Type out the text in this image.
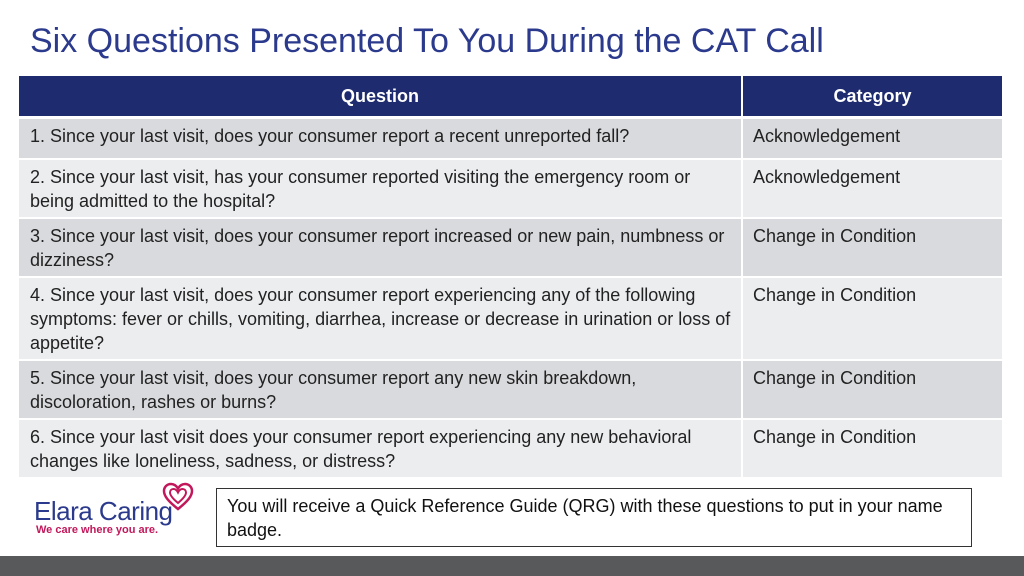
Six Questions Presented To You During the CAT Call
Question	Category
1. Since your last visit, does your consumer report a recent unreported fall?	Acknowledgement
2. Since your last visit, has your consumer reported visiting the emergency room or being admitted to the hospital?	Acknowledgement
3. Since your last visit, does your consumer report increased or new pain, numbness or dizziness?	Change in Condition
4. Since your last visit, does your consumer report experiencing any of the following symptoms: fever or chills, vomiting, diarrhea, increase or decrease in urination or loss of appetite?	Change in Condition
5. Since your last visit, does your consumer report any new skin breakdown, discoloration, rashes or burns?	Change in Condition
6. Since your last visit does your consumer report experiencing any new behavioral changes like loneliness, sadness, or distress?	Change in Condition
Elara Caring
We care where you are.
You will receive a Quick Reference Guide (QRG) with these questions to put in your name badge.
